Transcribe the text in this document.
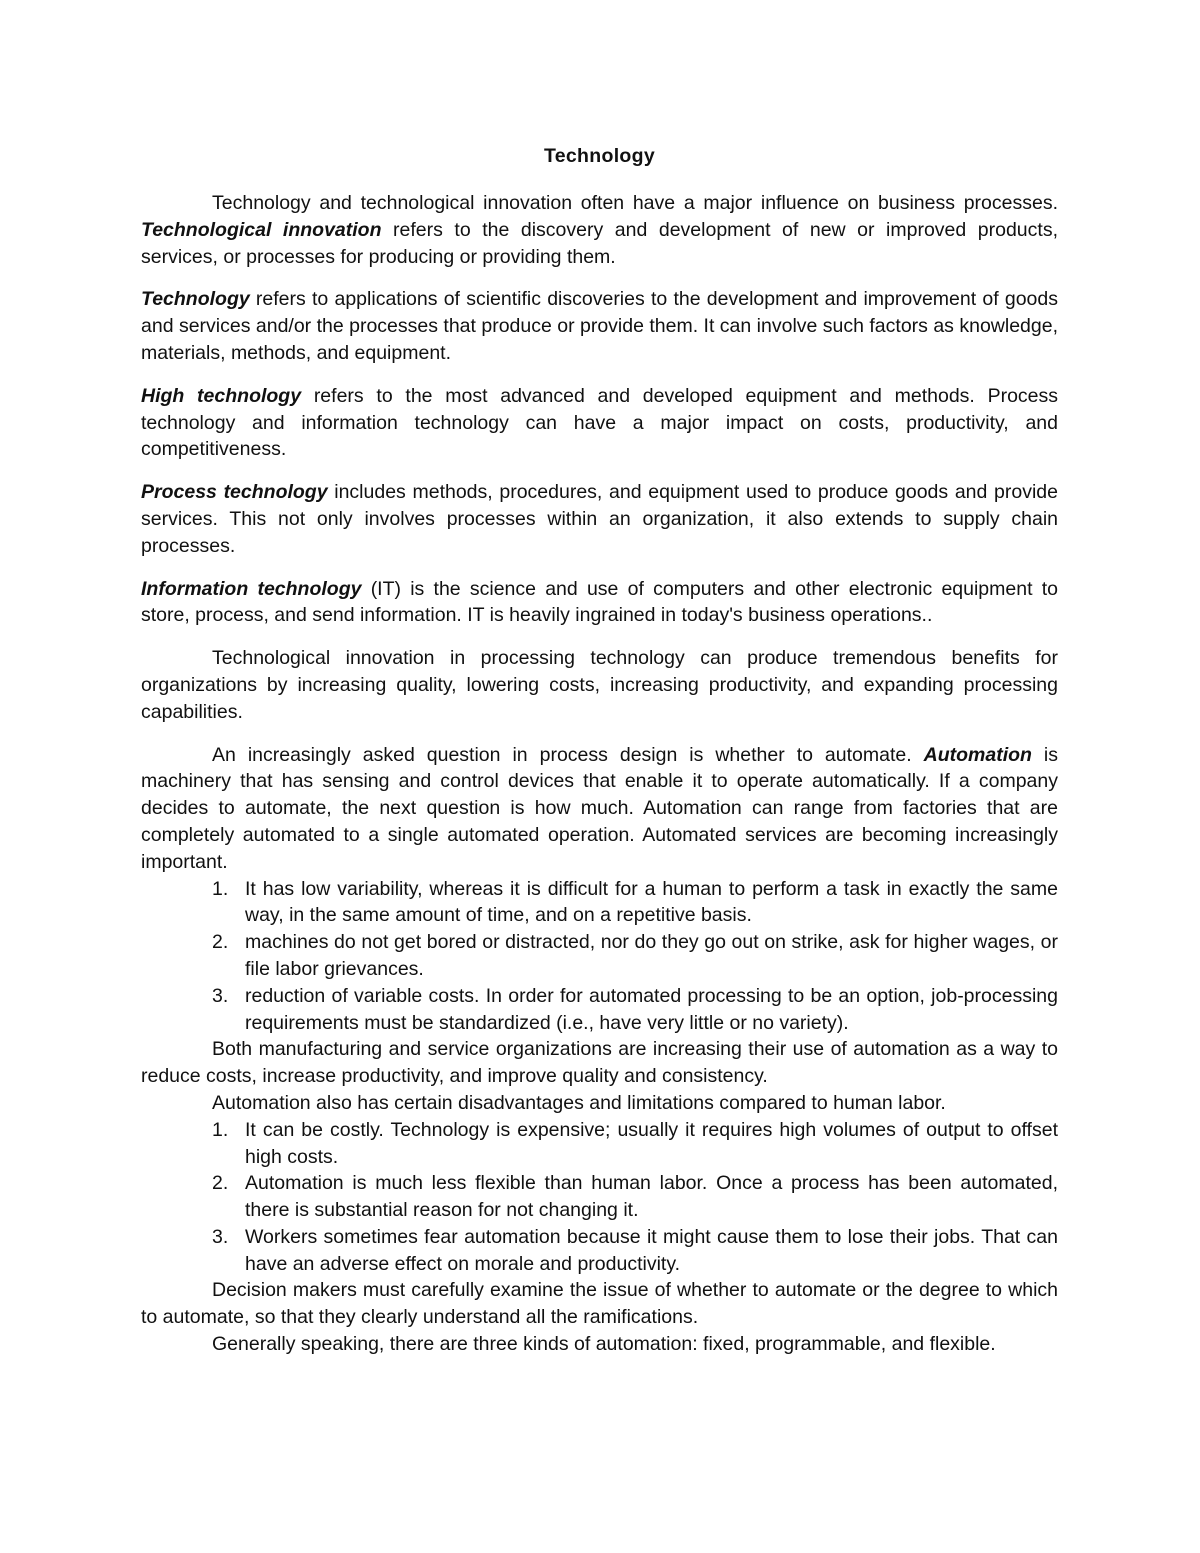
Technology

Technology and technological innovation often have a major influence on business processes. Technological innovation refers to the discovery and development of new or improved products, services, or processes for producing or providing them.

Technology refers to applications of scientific discoveries to the development and improvement of goods and services and/or the processes that produce or provide them. It can involve such factors as knowledge, materials, methods, and equipment.

High technology refers to the most advanced and developed equipment and methods. Process technology and information technology can have a major impact on costs, productivity, and competitiveness.

Process technology includes methods, procedures, and equipment used to produce goods and provide services. This not only involves processes within an organization, it also extends to supply chain processes.

Information technology (IT) is the science and use of computers and other electronic equipment to store, process, and send information. IT is heavily ingrained in today's business operations..

Technological innovation in processing technology can produce tremendous benefits for organizations by increasing quality, lowering costs, increasing productivity, and expanding processing capabilities.

An increasingly asked question in process design is whether to automate. Automation is machinery that has sensing and control devices that enable it to operate automatically. If a company decides to automate, the next question is how much. Automation can range from factories that are completely automated to a single automated operation. Automated services are becoming increasingly important.

1. It has low variability, whereas it is difficult for a human to perform a task in exactly the same way, in the same amount of time, and on a repetitive basis.
2. machines do not get bored or distracted, nor do they go out on strike, ask for higher wages, or file labor grievances.
3. reduction of variable costs. In order for automated processing to be an option, job-processing requirements must be standardized (i.e., have very little or no variety).

Both manufacturing and service organizations are increasing their use of automation as a way to reduce costs, increase productivity, and improve quality and consistency.

Automation also has certain disadvantages and limitations compared to human labor.

1. It can be costly. Technology is expensive; usually it requires high volumes of output to offset high costs.
2. Automation is much less flexible than human labor. Once a process has been automated, there is substantial reason for not changing it.
3. Workers sometimes fear automation because it might cause them to lose their jobs. That can have an adverse effect on morale and productivity.

Decision makers must carefully examine the issue of whether to automate or the degree to which to automate, so that they clearly understand all the ramifications.

Generally speaking, there are three kinds of automation: fixed, programmable, and flexible.
